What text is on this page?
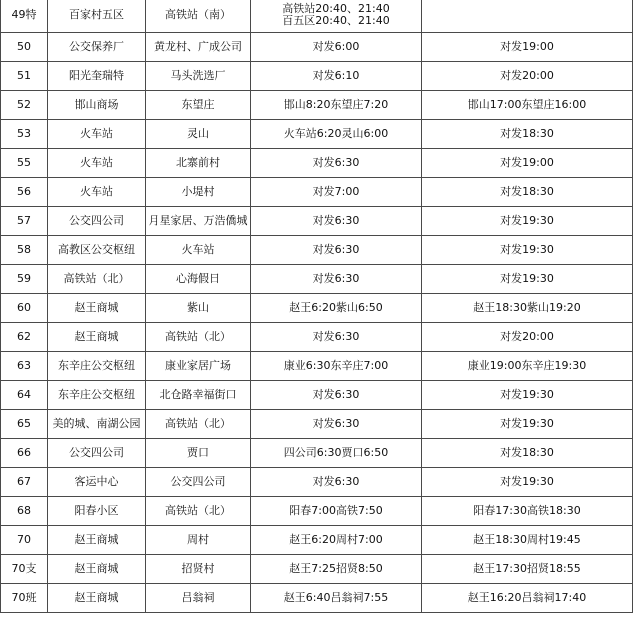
49特	百家村五区	高铁站（南）	高铁站20:40、21:40
百五区20:40、21:40	

50	公交保养厂	黄龙村、广成公司	对发6:00	对发19:00

51	阳光奎瑞特	马头洗选厂	对发6:10	对发20:00

52	邯山商场	东望庄	邯山8:20东望庄7:20	邯山17:00东望庄16:00

53	火车站	灵山	火车站6:20灵山6:00	对发18:30

55	火车站	北寨前村	对发6:30	对发19:00

56	火车站	小堤村	对发7:00	对发18:30

57	公交四公司	月星家居、万浩僑城	对发6:30	对发19:30

58	高教区公交枢纽	火车站	对发6:30	对发19:30

59	高铁站（北）	心海假日	对发6:30	对发19:30

60	赵王商城	紫山	赵王6:20紫山6:50	赵王18:30紫山19:20

62	赵王商城	高铁站（北）	对发6:30	对发20:00

63	东辛庄公交枢纽	康业家居广场	康业6:30东辛庄7:00	康业19:00东辛庄19:30

64	东辛庄公交枢纽	北仓路幸福街口	对发6:30	对发19:30

65	美的城、南湖公园	高铁站（北）	对发6:30	对发19:30

66	公交四公司	贾口	四公司6:30贾口6:50	对发18:30

67	客运中心	公交四公司	对发6:30	对发19:30

68	阳春小区	高铁站（北）	阳春7:00高铁7:50	阳春17:30高铁18:30

70	赵王商城	周村	赵王6:20周村7:00	赵王18:30周村19:45

70支	赵王商城	招贤村	赵王7:25招贤8:50	赵王17:30招贤18:55

70班	赵王商城	吕翁祠	赵王6:40吕翁祠7:55	赵王16:20吕翁祠17:40
